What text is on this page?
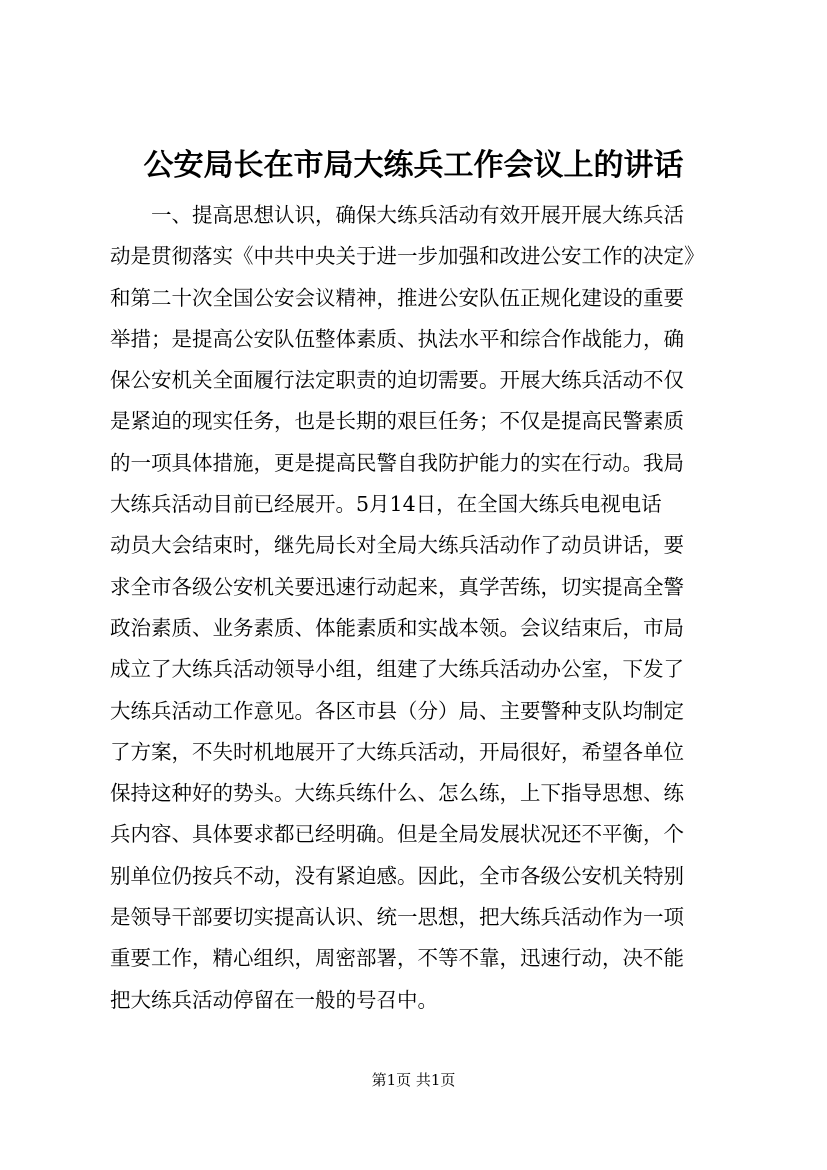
公安局长在市局大练兵工作会议上的讲话
　　一、提高思想认识，确保大练兵活动有效开展开展大练兵活
动是贯彻落实《中共中央关于进一步加强和改进公安工作的决定》
和第二十次全国公安会议精神，推进公安队伍正规化建设的重要
举措；是提高公安队伍整体素质、执法水平和综合作战能力，确
保公安机关全面履行法定职责的迫切需要。开展大练兵活动不仅
是紧迫的现实任务，也是长期的艰巨任务；不仅是提高民警素质
的一项具体措施，更是提高民警自我防护能力的实在行动。我局
大练兵活动目前已经展开。5月14日，在全国大练兵电视电话
动员大会结束时，继先局长对全局大练兵活动作了动员讲话，要
求全市各级公安机关要迅速行动起来，真学苦练，切实提高全警
政治素质、业务素质、体能素质和实战本领。会议结束后，市局
成立了大练兵活动领导小组，组建了大练兵活动办公室，下发了
大练兵活动工作意见。各区市县（分）局、主要警种支队均制定
了方案，不失时机地展开了大练兵活动，开局很好，希望各单位
保持这种好的势头。大练兵练什么、怎么练，上下指导思想、练
兵内容、具体要求都已经明确。但是全局发展状况还不平衡，个
别单位仍按兵不动，没有紧迫感。因此，全市各级公安机关特别
是领导干部要切实提高认识、统一思想，把大练兵活动作为一项
重要工作，精心组织，周密部署，不等不靠，迅速行动，决不能
把大练兵活动停留在一般的号召中。
第1页 共1页
